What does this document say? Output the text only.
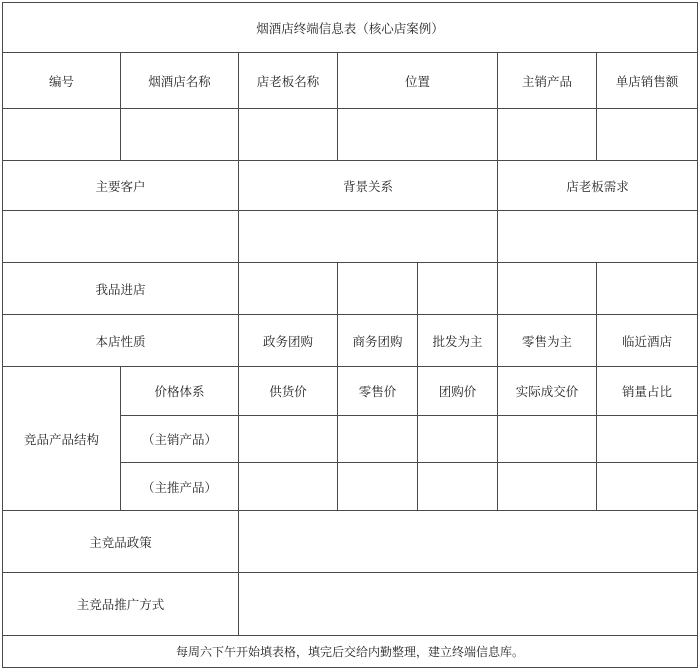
烟酒店终端信息表（核心店案例）						
编号	烟酒店名称	店老板名称	位置		主销产品	单店销售额

主要客户		背景关系			店老板需求	

我品进店						
本店性质		政务团购	商务团购	批发为主	零售为主	临近酒店
竞品产品结构	价格体系	供货价	零售价	团购价	实际成交价	销量占比
	（主销产品）					
	（主推产品）					
主竞品政策						
主竞品推广方式						
每周六下午开始填表格，填完后交给内勤整理，建立终端信息库。						
